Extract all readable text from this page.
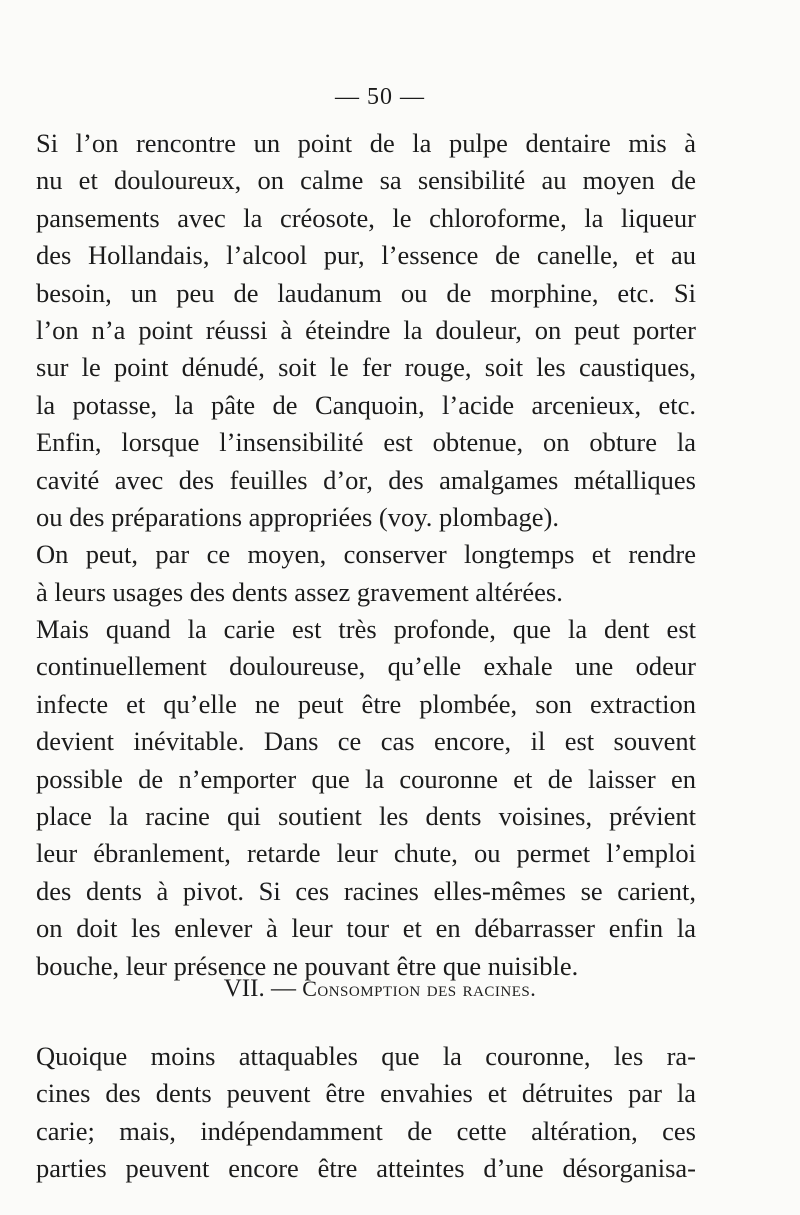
— 50 —
Si l’on rencontre un point de la pulpe dentaire mis à
nu et douloureux, on calme sa sensibilité au moyen de
pansements avec la créosote, le chloroforme, la liqueur
des Hollandais, l’alcool pur, l’essence de canelle, et au
besoin, un peu de laudanum ou de morphine, etc. Si
l’on n’a point réussi à éteindre la douleur, on peut porter
sur le point dénudé, soit le fer rouge, soit les caustiques,
la potasse, la pâte de Canquoin, l’acide arcenieux, etc.
Enfin, lorsque l’insensibilité est obtenue, on obture la
cavité avec des feuilles d’or, des amalgames métalliques
ou des préparations appropriées (voy. plombage).
On peut, par ce moyen, conserver longtemps et rendre
à leurs usages des dents assez gravement altérées.
Mais quand la carie est très profonde, que la dent est
continuellement douloureuse, qu’elle exhale une odeur
infecte et qu’elle ne peut être plombée, son extraction
devient inévitable. Dans ce cas encore, il est souvent
possible de n’emporter que la couronne et de laisser en
place la racine qui soutient les dents voisines, prévient
leur ébranlement, retarde leur chute, ou permet l’emploi
des dents à pivot. Si ces racines elles-mêmes se carient,
on doit les enlever à leur tour et en débarrasser enfin la
bouche, leur présence ne pouvant être que nuisible.
VII. — Consomption des racines.
Quoique moins attaquables que la couronne, les ra-
cines des dents peuvent être envahies et détruites par la
carie; mais, indépendamment de cette altération, ces
parties peuvent encore être atteintes d’une désorganisa-
